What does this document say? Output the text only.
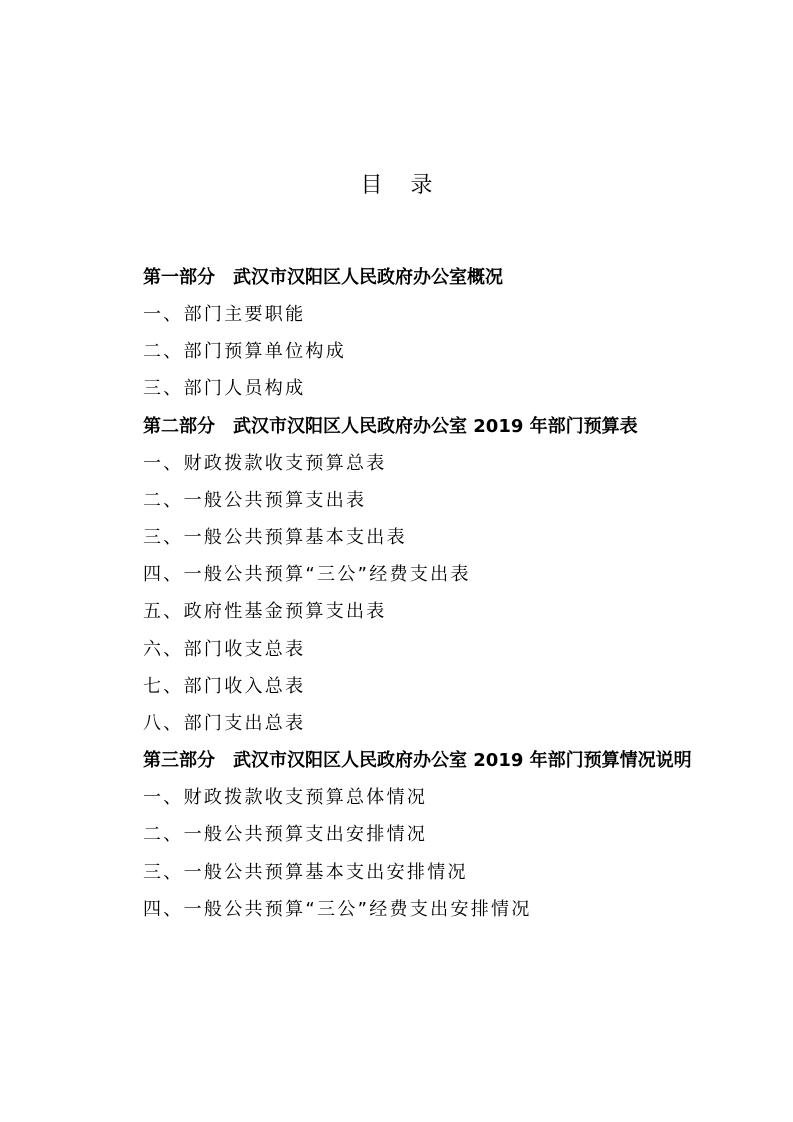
目录
第一部分 武汉市汉阳区人民政府办公室概况
一、部门主要职能
二、部门预算单位构成
三、部门人员构成
第二部分 武汉市汉阳区人民政府办公室 2019 年部门预算表
一、财政拨款收支预算总表
二、一般公共预算支出表
三、一般公共预算基本支出表
四、一般公共预算“三公”经费支出表
五、政府性基金预算支出表
六、部门收支总表
七、部门收入总表
八、部门支出总表
第三部分 武汉市汉阳区人民政府办公室 2019 年部门预算情况说明
一、财政拨款收支预算总体情况
二、一般公共预算支出安排情况
三、一般公共预算基本支出安排情况
四、一般公共预算“三公”经费支出安排情况
